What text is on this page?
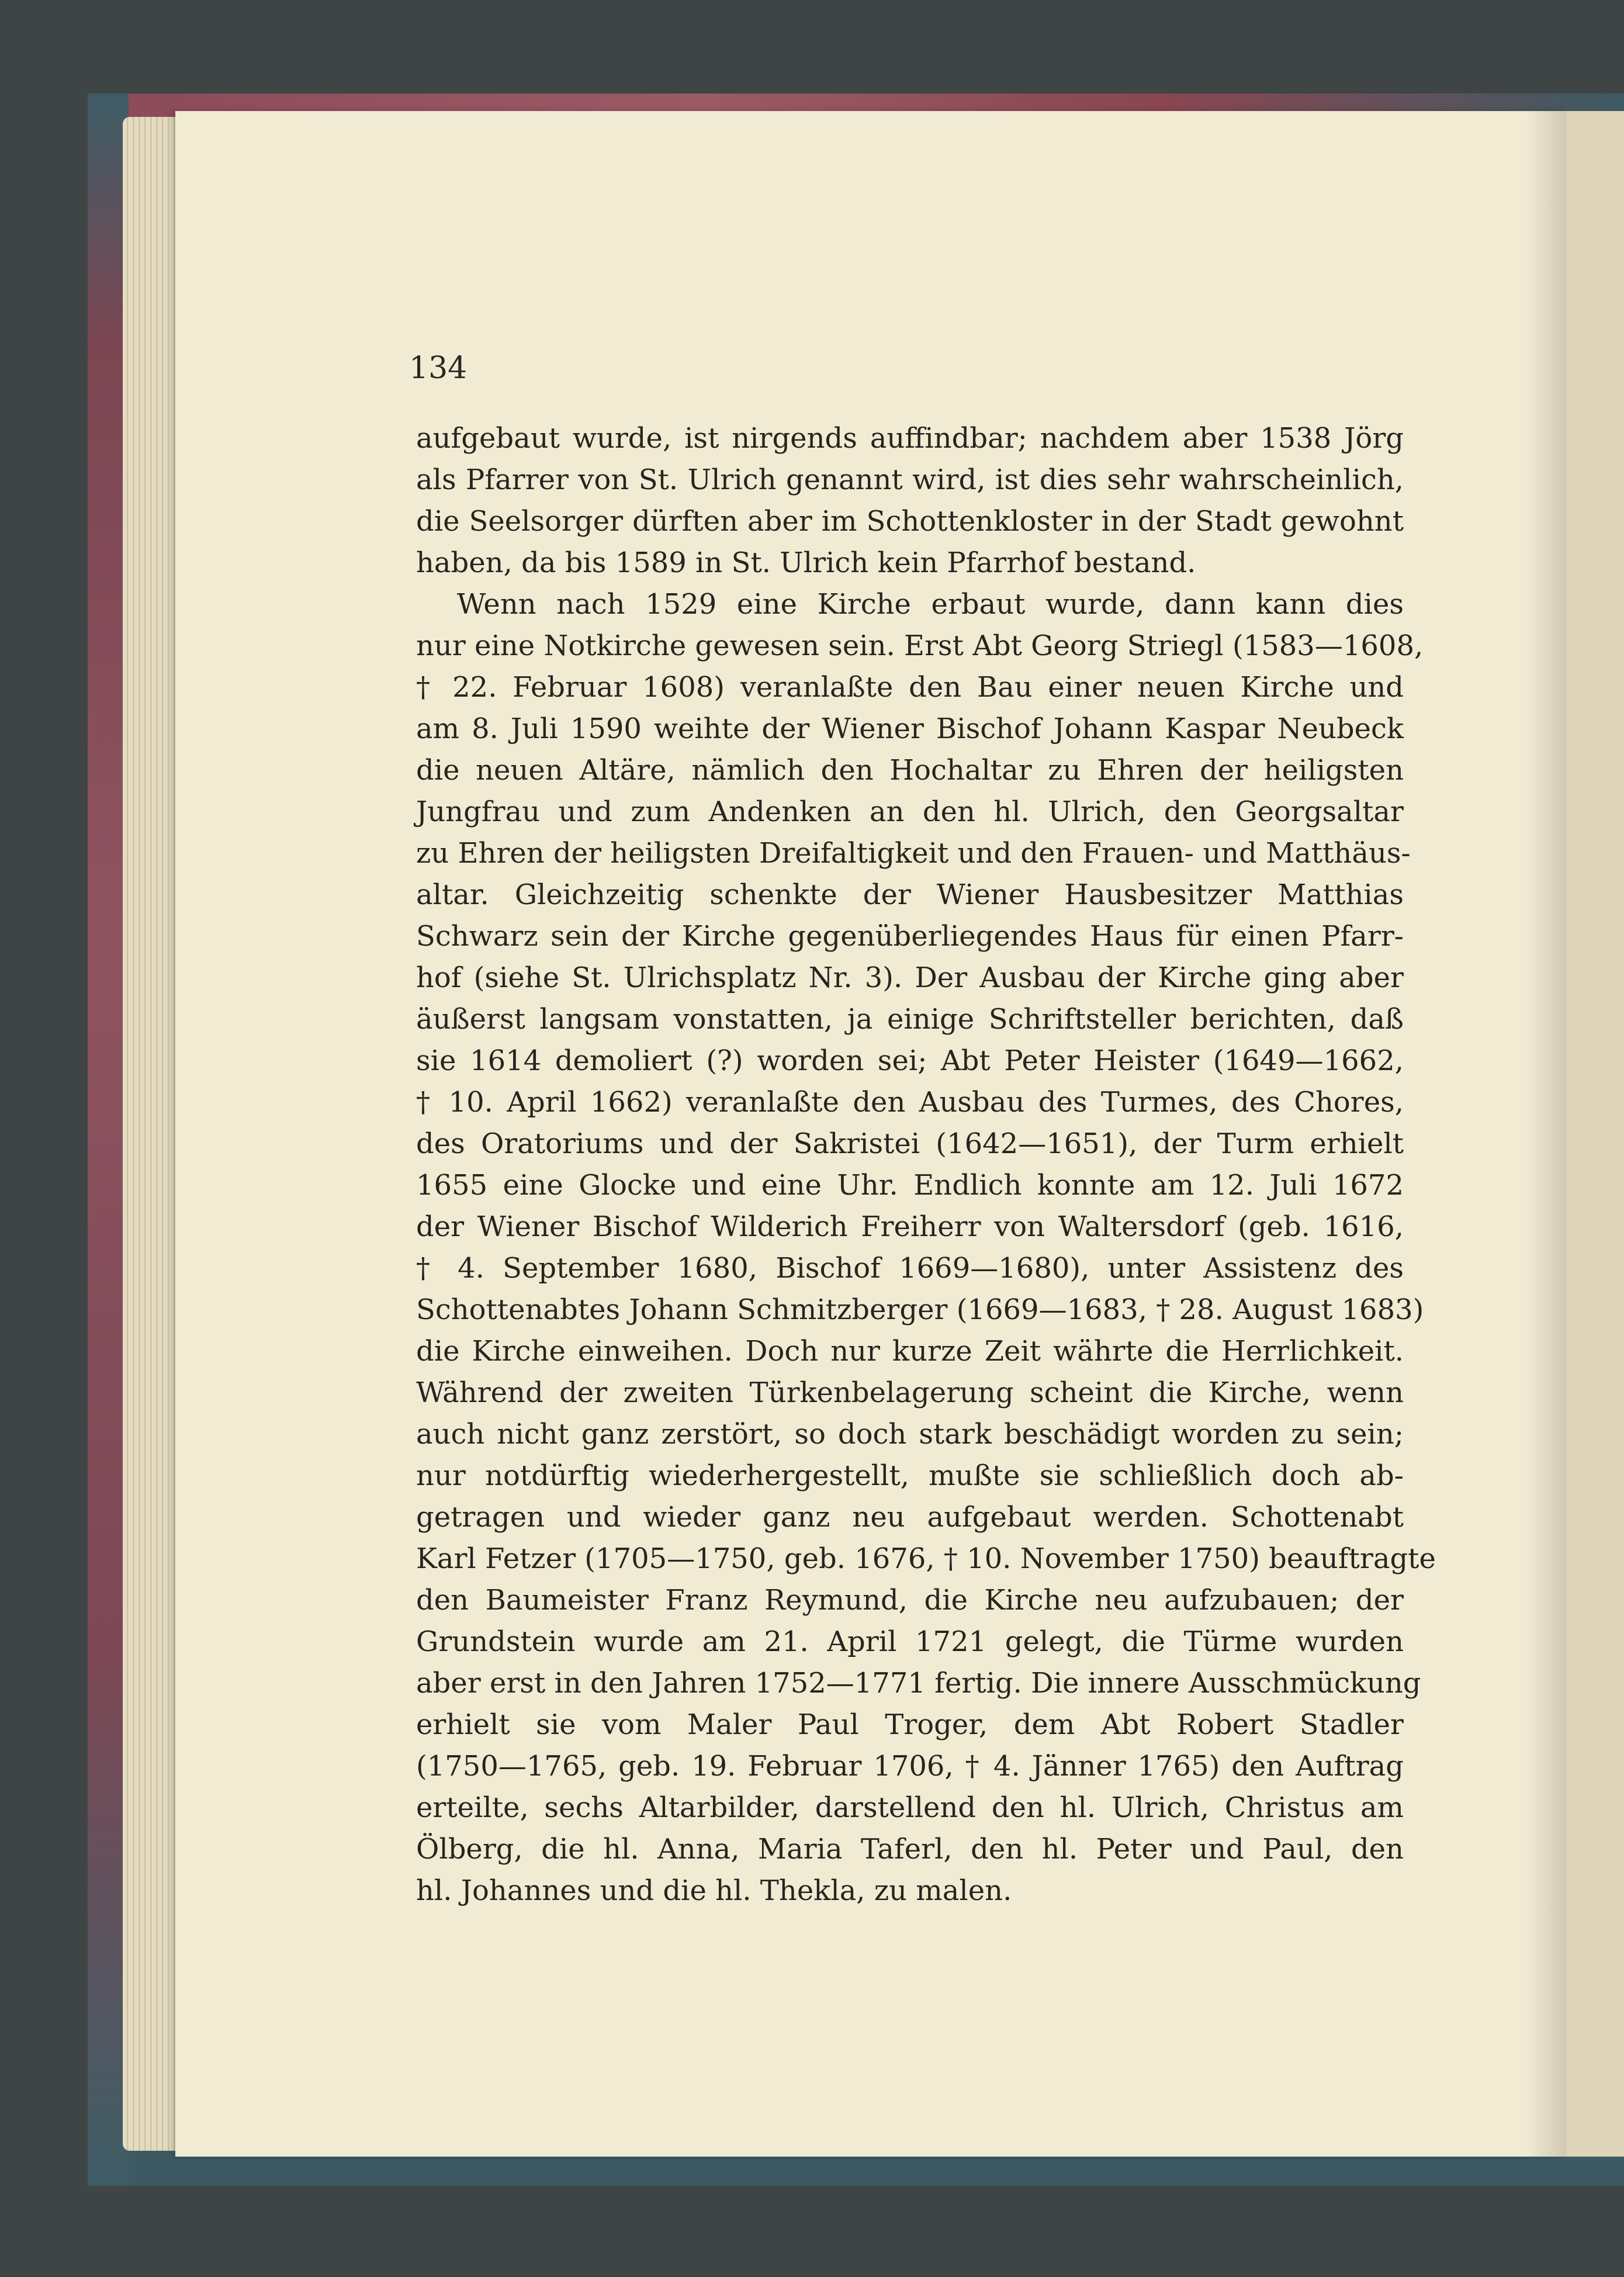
134
aufgebaut wurde, ist nirgends auffindbar; nachdem aber 1538 Jörg
als Pfarrer von St. Ulrich genannt wird, ist dies sehr wahrscheinlich,
die Seelsorger dürften aber im Schottenkloster in der Stadt gewohnt
haben, da bis 1589 in St. Ulrich kein Pfarrhof bestand.
Wenn nach 1529 eine Kirche erbaut wurde, dann kann dies
nur eine Notkirche gewesen sein. Erst Abt Georg Striegl (1583—1608,
† 22. Februar 1608) veranlaßte den Bau einer neuen Kirche und
am 8. Juli 1590 weihte der Wiener Bischof Johann Kaspar Neubeck
die neuen Altäre, nämlich den Hochaltar zu Ehren der heiligsten
Jungfrau und zum Andenken an den hl. Ulrich, den Georgsaltar
zu Ehren der heiligsten Dreifaltigkeit und den Frauen- und Matthäus-
altar. Gleichzeitig schenkte der Wiener Hausbesitzer Matthias
Schwarz sein der Kirche gegenüberliegendes Haus für einen Pfarr-
hof (siehe St. Ulrichsplatz Nr. 3). Der Ausbau der Kirche ging aber
äußerst langsam vonstatten, ja einige Schriftsteller berichten, daß
sie 1614 demoliert (?) worden sei; Abt Peter Heister (1649—1662,
† 10. April 1662) veranlaßte den Ausbau des Turmes, des Chores,
des Oratoriums und der Sakristei (1642—1651), der Turm erhielt
1655 eine Glocke und eine Uhr. Endlich konnte am 12. Juli 1672
der Wiener Bischof Wilderich Freiherr von Waltersdorf (geb. 1616,
† 4. September 1680, Bischof 1669—1680), unter Assistenz des
Schottenabtes Johann Schmitzberger (1669—1683, † 28. August 1683)
die Kirche einweihen. Doch nur kurze Zeit währte die Herrlichkeit.
Während der zweiten Türkenbelagerung scheint die Kirche, wenn
auch nicht ganz zerstört, so doch stark beschädigt worden zu sein;
nur notdürftig wiederhergestellt, mußte sie schließlich doch ab-
getragen und wieder ganz neu aufgebaut werden. Schottenabt
Karl Fetzer (1705—1750, geb. 1676, † 10. November 1750) beauftragte
den Baumeister Franz Reymund, die Kirche neu aufzubauen; der
Grundstein wurde am 21. April 1721 gelegt, die Türme wurden
aber erst in den Jahren 1752—1771 fertig. Die innere Ausschmückung
erhielt sie vom Maler Paul Troger, dem Abt Robert Stadler
(1750—1765, geb. 19. Februar 1706, † 4. Jänner 1765) den Auftrag
erteilte, sechs Altarbilder, darstellend den hl. Ulrich, Christus am
Ölberg, die hl. Anna, Maria Taferl, den hl. Peter und Paul, den
hl. Johannes und die hl. Thekla, zu malen.
